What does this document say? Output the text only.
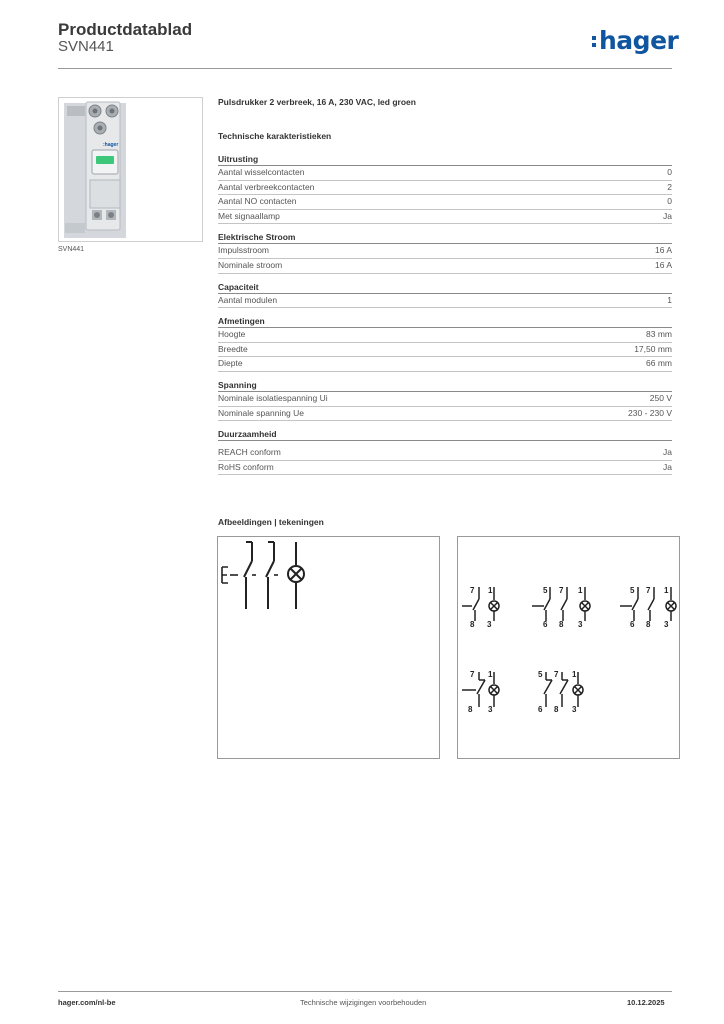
Productdatablad
SVN441	hager
:hager
SVN441
Pulsdrukker 2 verbreek, 16 A, 230 VAC, led groen
Technische karakteristieken
Uitrusting
Aantal wisselcontacten	0
Aantal verbreekcontacten	2
Aantal NO contacten	0
Met signaallamp	Ja
Elektrische Stroom
Impulsstroom	16 A
Nominale stroom	16 A
Capaciteit
Aantal modulen	1
Afmetingen
Hoogte	83 mm
Breedte	17,50 mm
Diepte	66 mm
Spanning
Nominale isolatiespanning Ui	250 V
Nominale spanning Ue	230 - 230 V
Duurzaamheid
REACH conform	Ja
RoHS conform	Ja
Afbeeldingen | tekeningen
7 1
8 3
5 7 1
6 8 3
5 7 1
6 8 3
7 1
8 3
5 7 1
6 8 3
hager.com/nl-be	Technische wijzigingen voorbehouden	10.12.2025
